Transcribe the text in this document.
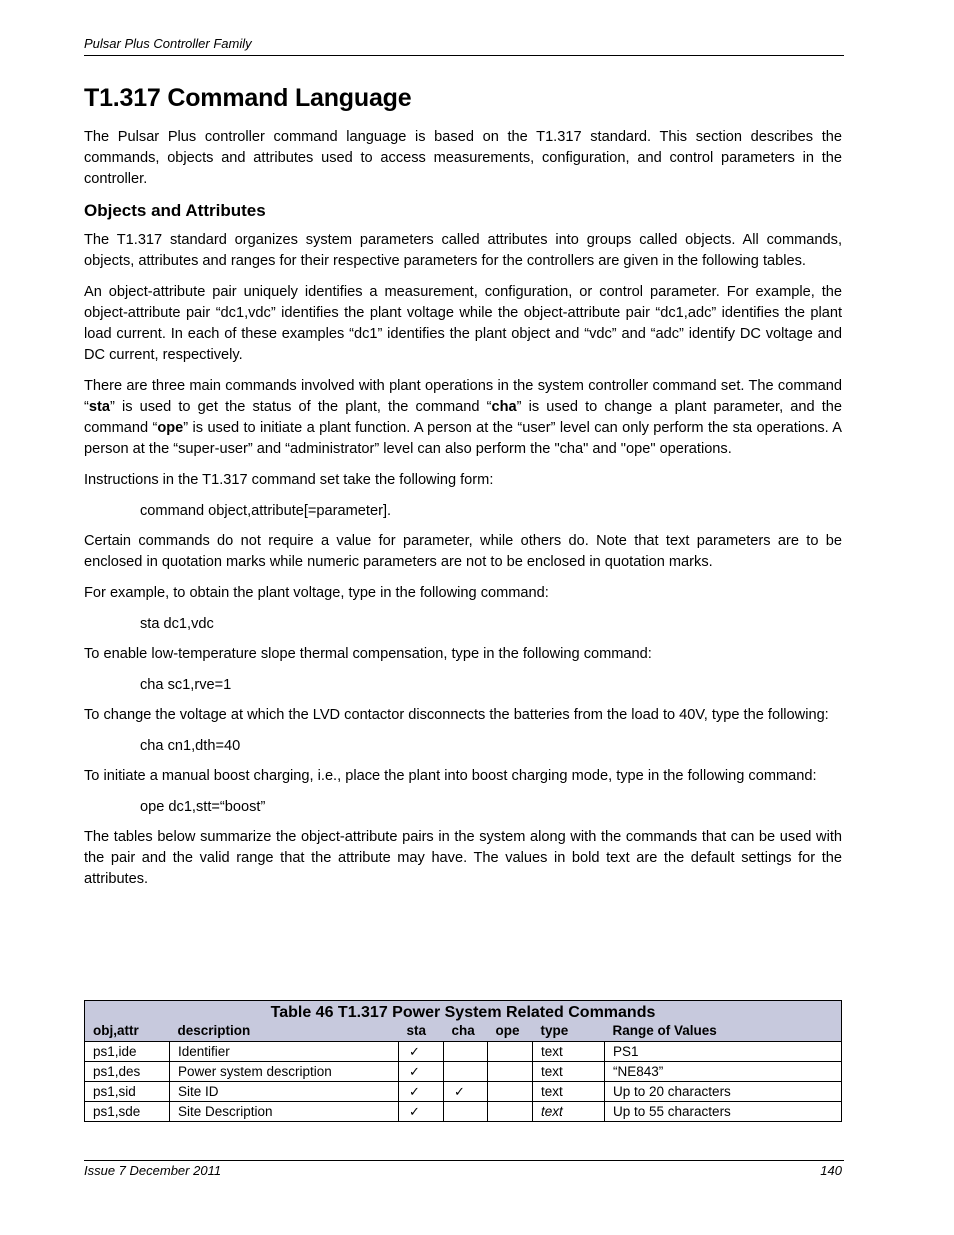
Pulsar Plus Controller Family
T1.317 Command Language

The Pulsar Plus controller command language is based on the T1.317 standard. This section describes the commands, objects and attributes used to access measurements, configuration, and control parameters in the controller.

Objects and Attributes

The T1.317 standard organizes system parameters called attributes into groups called objects. All commands, objects, attributes and ranges for their respective parameters for the controllers are given in the following tables.

An object-attribute pair uniquely identifies a measurement, configuration, or control parameter. For example, the object-attribute pair “dc1,vdc” identifies the plant voltage while the object-attribute pair “dc1,adc” identifies the plant load current. In each of these examples “dc1” identifies the plant object and “vdc” and “adc” identify DC voltage and DC current, respectively.

There are three main commands involved with plant operations in the system controller command set. The command “sta” is used to get the status of the plant, the command “cha” is used to change a plant parameter, and the command “ope” is used to initiate a plant function. A person at the “user” level can only perform the sta operations. A person at the “super-user” and “administrator” level can also perform the "cha" and "ope" operations.

Instructions in the T1.317 command set take the following form:

command object,attribute[=parameter].

Certain commands do not require a value for parameter, while others do. Note that text parameters are to be enclosed in quotation marks while numeric parameters are not to be enclosed in quotation marks.

For example, to obtain the plant voltage, type in the following command:

sta dc1,vdc

To enable low-temperature slope thermal compensation, type in the following command:

cha sc1,rve=1

To change the voltage at which the LVD contactor disconnects the batteries from the load to 40V, type the following:

cha cn1,dth=40

To initiate a manual boost charging, i.e., place the plant into boost charging mode, type in the following command:

ope dc1,stt=“boost”

The tables below summarize the object-attribute pairs in the system along with the commands that can be used with the pair and the valid range that the attribute may have. The values in bold text are the default settings for the attributes.

Table 46 T1.317 Power System Related Commands						
obj,attr	description	sta	cha	ope	type	Range of Values
ps1,ide	Identifier	✓			text	PS1
ps1,des	Power system description	✓			text	“NE843”
ps1,sid	Site ID	✓	✓		text	Up to 20 characters
ps1,sde	Site Description	✓			text	Up to 55 characters
Issue 7 December 2011	140
